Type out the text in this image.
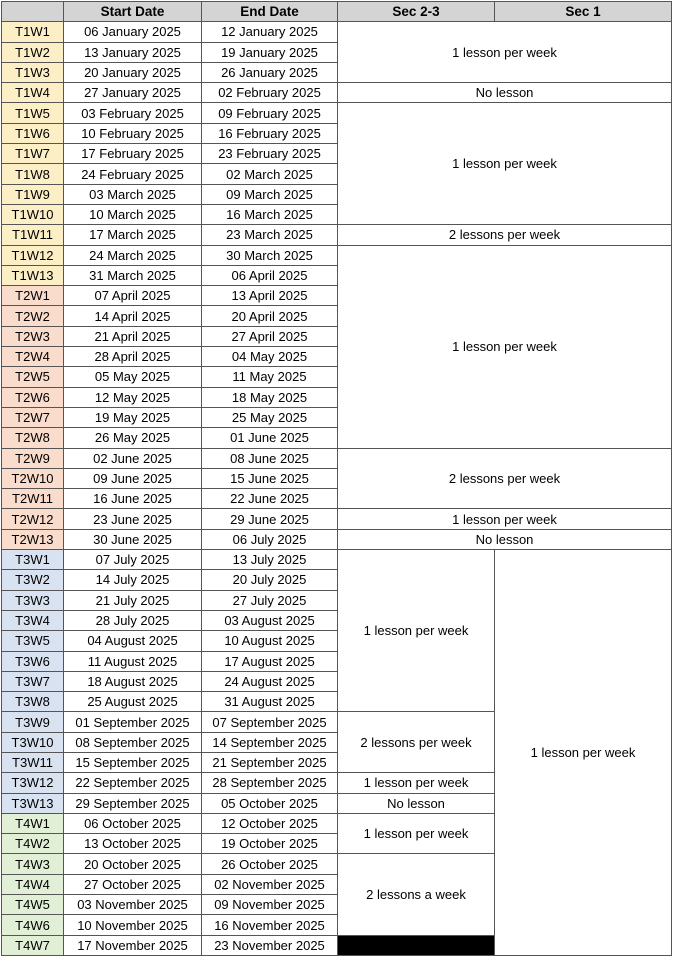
	Start Date	End Date	Sec 2-3	Sec 1
T1W1	06 January 2025	12 January 2025	1 lesson per week	
T1W2	13 January 2025	19 January 2025		
T1W3	20 January 2025	26 January 2025		
T1W4	27 January 2025	02 February 2025	No lesson	
T1W5	03 February 2025	09 February 2025	1 lesson per week	
T1W6	10 February 2025	16 February 2025		
T1W7	17 February 2025	23 February 2025		
T1W8	24 February 2025	02 March 2025		
T1W9	03 March 2025	09 March 2025		
T1W10	10 March 2025	16 March 2025		
T1W11	17 March 2025	23 March 2025	2 lessons per week	
T1W12	24 March 2025	30 March 2025	1 lesson per week	
T1W13	31 March 2025	06 April 2025		
T2W1	07 April 2025	13 April 2025		
T2W2	14 April 2025	20 April 2025		
T2W3	21 April 2025	27 April 2025		
T2W4	28 April 2025	04 May 2025		
T2W5	05 May 2025	11 May 2025		
T2W6	12 May 2025	18 May 2025		
T2W7	19 May 2025	25 May 2025		
T2W8	26 May 2025	01 June 2025		
T2W9	02 June 2025	08 June 2025	2 lessons per week	
T2W10	09 June 2025	15 June 2025		
T2W11	16 June 2025	22 June 2025		
T2W12	23 June 2025	29 June 2025	1 lesson per week	
T2W13	30 June 2025	06 July 2025	No lesson	
T3W1	07 July 2025	13 July 2025	1 lesson per week	1 lesson per week
T3W2	14 July 2025	20 July 2025		
T3W3	21 July 2025	27 July 2025		
T3W4	28 July 2025	03 August 2025		
T3W5	04 August 2025	10 August 2025		
T3W6	11 August 2025	17 August 2025		
T3W7	18 August 2025	24 August 2025		
T3W8	25 August 2025	31 August 2025		
T3W9	01 September 2025	07 September 2025	2 lessons per week	
T3W10	08 September 2025	14 September 2025		
T3W11	15 September 2025	21 September 2025		
T3W12	22 September 2025	28 September 2025	1 lesson per week	
T3W13	29 September 2025	05 October 2025	No lesson	
T4W1	06 October 2025	12 October 2025	1 lesson per week	
T4W2	13 October 2025	19 October 2025		
T4W3	20 October 2025	26 October 2025	2 lessons a week	
T4W4	27 October 2025	02 November 2025		
T4W5	03 November 2025	09 November 2025		
T4W6	10 November 2025	16 November 2025		
T4W7	17 November 2025	23 November 2025		
